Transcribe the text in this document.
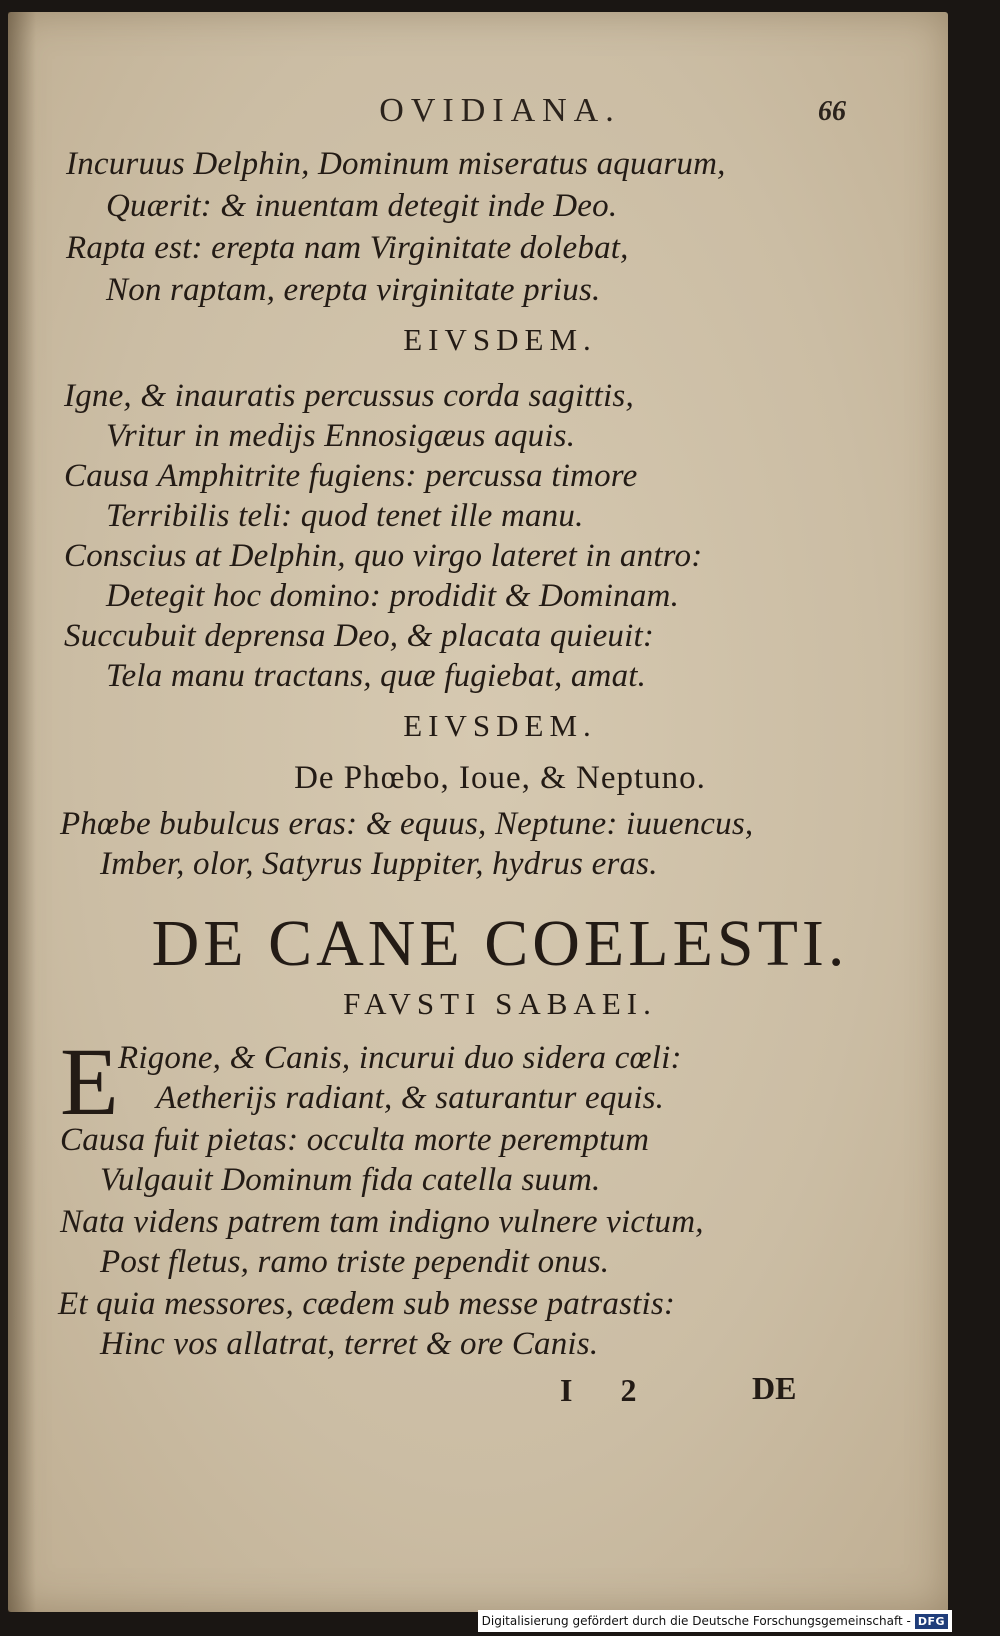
OVIDIANA.	66
Incuruus Delphin, Dominum miseratus aquarum,
Quærit: & inuentam detegit inde Deo.
Rapta est: erepta nam Virginitate dolebat,
Non raptam, erepta virginitate prius.
EIVSDEM.
Igne, & inauratis percussus corda sagittis,
Vritur in medijs Ennosigæus aquis.
Causa Amphitrite fugiens: percussa timore
Terribilis teli: quod tenet ille manu.
Conscius at Delphin, quo virgo lateret in antro:
Detegit hoc domino: prodidit & Dominam.
Succubuit deprensa Deo, & placata quieuit:
Tela manu tractans, quæ fugiebat, amat.
EIVSDEM.
De Phœbo, Ioue, & Neptuno.
Phœbe bubulcus eras: & equus, Neptune: iuuencus,
Imber, olor, Satyrus Iuppiter, hydrus eras.
DE CANE COELESTI.
FAVSTI SABAEI.
E Rigone, & Canis, incurui duo sidera cœli:
Aetherijs radiant, & saturantur equis.
Causa fuit pietas: occulta morte peremptum
Vulgauit Dominum fida catella suum.
Nata videns patrem tam indigno vulnere victum,
Post fletus, ramo triste pependit onus.
Et quia messores, cædem sub messe patrastis:
Hinc vos allatrat, terret & ore Canis.
I 2	DE
Digitalisierung gefördert durch die Deutsche Forschungsgemeinschaft - DFG
